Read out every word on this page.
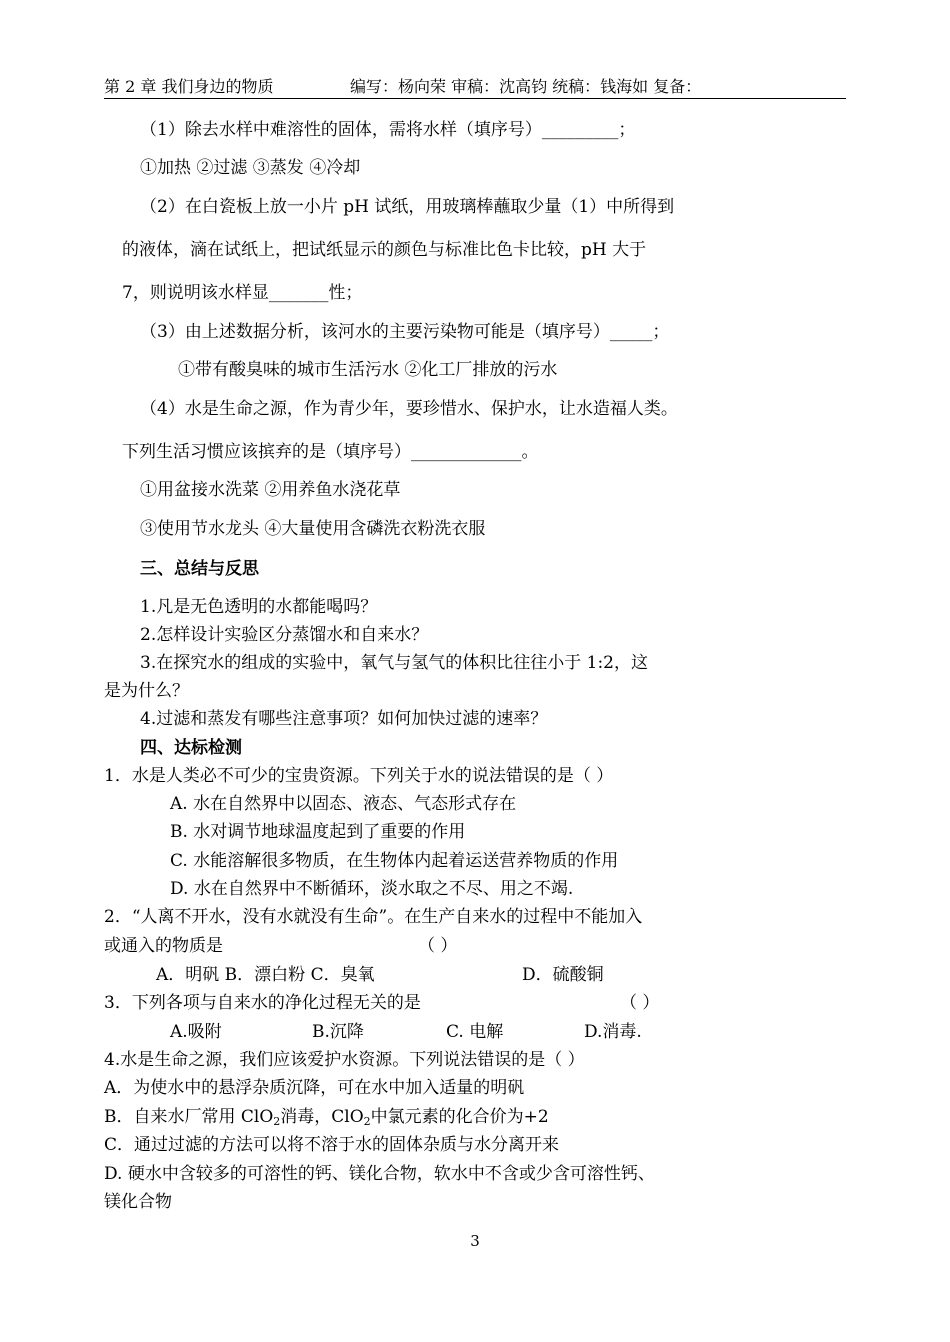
第 2 章 我们身边的物质	编写：杨向荣 审稿：沈高钧 统稿：钱海如 复备：
（1）除去水样中难溶性的固体，需将水样（填序号）_________；
①加热 ②过滤 ③蒸发 ④冷却
（2）在白瓷板上放一小片 pH 试纸，用玻璃棒蘸取少量（1）中所得到
的液体，滴在试纸上，把试纸显示的颜色与标准比色卡比较，pH 大于
7，则说明该水样显_______性；
（3）由上述数据分析，该河水的主要污染物可能是（填序号）_____；
①带有酸臭味的城市生活污水 ②化工厂排放的污水
（4）水是生命之源，作为青少年，要珍惜水、保护水，让水造福人类。
下列生活习惯应该摈弃的是（填序号）_____________。
①用盆接水洗菜 ②用养鱼水浇花草
③使用节水龙头 ④大量使用含磷洗衣粉洗衣服
三、总结与反思
1.凡是无色透明的水都能喝吗？
2.怎样设计实验区分蒸馏水和自来水？
3.在探究水的组成的实验中，氧气与氢气的体积比往往小于 1:2，这
是为什么？
4.过滤和蒸发有哪些注意事项？如何加快过滤的速率？
四、达标检测
1．水是人类必不可少的宝贵资源。下列关于水的说法错误的是（ ）
A. 水在自然界中以固态、液态、气态形式存在
B. 水对调节地球温度起到了重要的作用
C. 水能溶解很多物质，在生物体内起着运送营养物质的作用
D. 水在自然界中不断循环，淡水取之不尽、用之不竭.
2．“人离不开水，没有水就没有生命”。在生产自来水的过程中不能加入
或通入的物质是	（ ）
A．明矾 B．漂白粉 C．臭氧	D．硫酸铜
3．下列各项与自来水的净化过程无关的是	（ ）
A.吸附	B.沉降	C. 电解	D.消毒.
4.水是生命之源，我们应该爱护水资源。下列说法错误的是（ ）
A．为使水中的悬浮杂质沉降，可在水中加入适量的明矾
B．自来水厂常用 ClO$_2$消毒，ClO$_2$中氯元素的化合价为+2
C．通过过滤的方法可以将不溶于水的固体杂质与水分离开来
D. 硬水中含较多的可溶性的钙、镁化合物，软水中不含或少含可溶性钙、
镁化合物
3
